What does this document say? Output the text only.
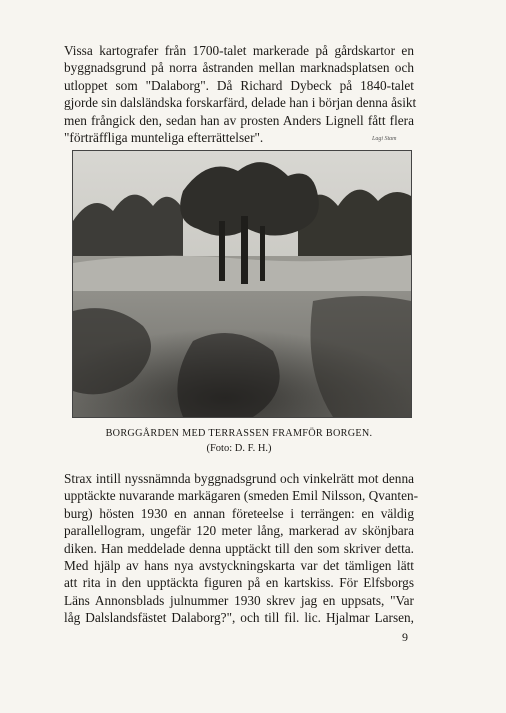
Vissa kartografer från 1700-talet markerade på gårdskartor en
byggnadsgrund på norra åstranden mellan marknadsplatsen och
utloppet som "Dalaborg". Då Richard Dybeck på 1840-talet
gjorde sin dalsländska forskarfärd, delade han i början denna åsikt
men frångick den, sedan han av prosten Anders Lignell fått flera
"förträffliga munteliga efterrättelser".	Lagi Stam
BORGGÅRDEN MED TERRASSEN FRAMFÖR BORGEN.
(Foto: D. F. H.)

Strax intill nyssnämnda byggnadsgrund och vinkelrätt mot denna
upptäckte nuvarande markägaren (smeden Emil Nilsson, Qvanten-
burg) hösten 1930 en annan företeelse i terrängen: en väldig
parallellogram, ungefär 120 meter lång, markerad av skönjbara
diken. Han meddelade denna upptäckt till den som skriver detta.
Med hjälp av hans nya avstyckningskarta var det tämligen lätt
att rita in den upptäckta figuren på en kartskiss. För Elfsborgs
Läns Annonsblads julnummer 1930 skrev jag en uppsats, "Var
låg Dalslandsfästet Dalaborg?", och till fil. lic. Hjalmar Larsen,

9
